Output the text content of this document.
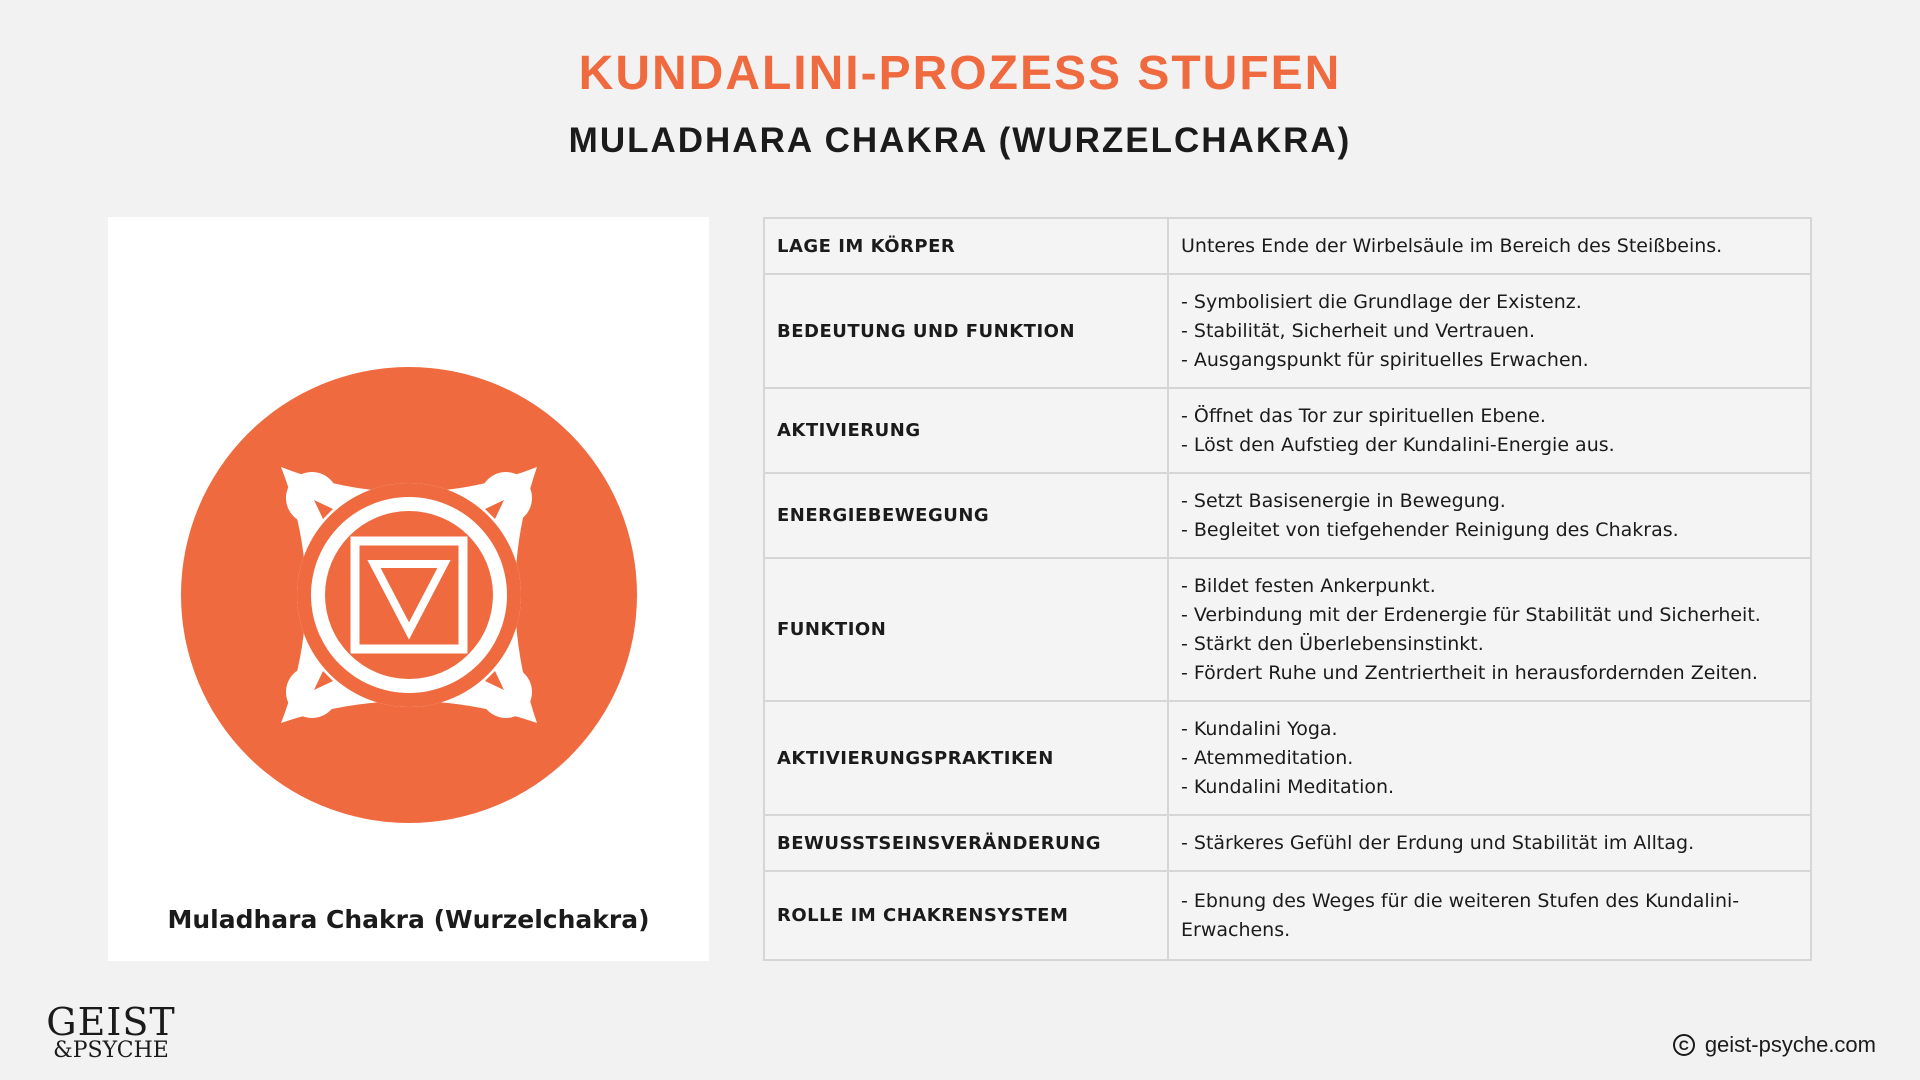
KUNDALINI-PROZESS STUFEN
MULADHARA CHAKRA (WURZELCHAKRA)
Muladhara Chakra (Wurzelchakra)
LAGE IM KÖRPER	Unteres Ende der Wirbelsäule im Bereich des Steißbeins.

BEDEUTUNG UND FUNKTION	- Symbolisiert die Grundlage der Existenz.
- Stabilität, Sicherheit und Vertrauen.
- Ausgangspunkt für spirituelles Erwachen.

AKTIVIERUNG	- Öffnet das Tor zur spirituellen Ebene.
- Löst den Aufstieg der Kundalini-Energie aus.

ENERGIEBEWEGUNG	- Setzt Basisenergie in Bewegung.
- Begleitet von tiefgehender Reinigung des Chakras.

FUNKTION	- Bildet festen Ankerpunkt.
- Verbindung mit der Erdenergie für Stabilität und Sicherheit.
- Stärkt den Überlebensinstinkt.
- Fördert Ruhe und Zentriertheit in herausfordernden Zeiten.

AKTIVIERUNGSPRAKTIKEN	- Kundalini Yoga.
- Atemmeditation.
- Kundalini Meditation.

BEWUSSTSEINSVERÄNDERUNG	- Stärkeres Gefühl der Erdung und Stabilität im Alltag.

ROLLE IM CHAKRENSYSTEM	- Ebnung des Weges für die weiteren Stufen des Kundalini-Erwachens.
GEIST
&PSYCHE	C geist-psyche.com
